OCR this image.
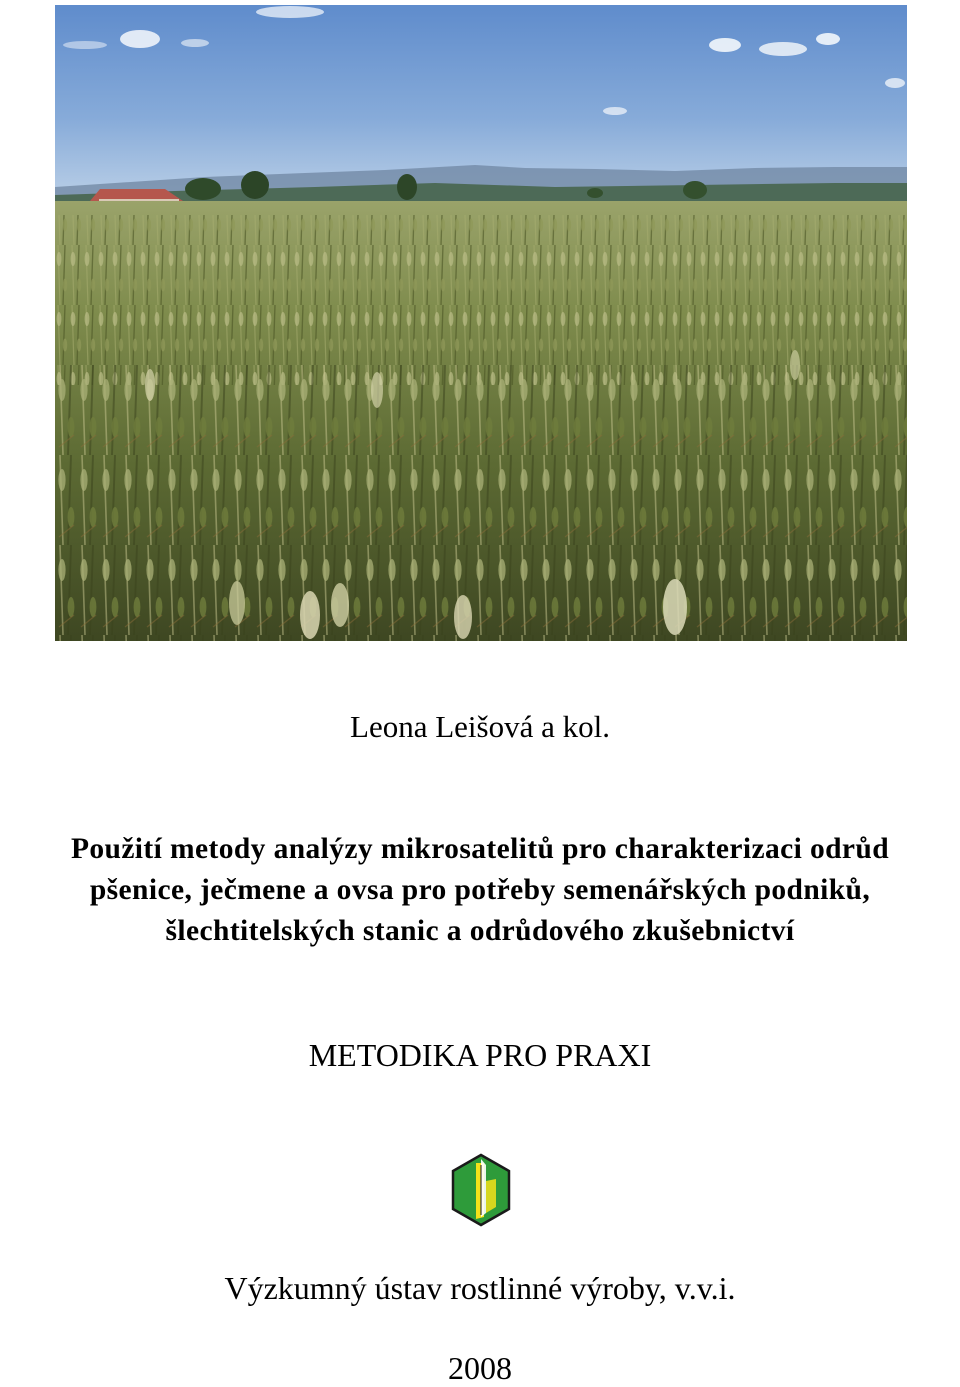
Leona Leišová a kol.
Použití metody analýzy mikrosatelitů pro charakterizaci odrůd
pšenice, ječmene a ovsa pro potřeby semenářských podniků,
šlechtitelských stanic a odrůdového zkušebnictví
METODIKA PRO PRAXI
Výzkumný ústav rostlinné výroby, v.v.i.
2008
